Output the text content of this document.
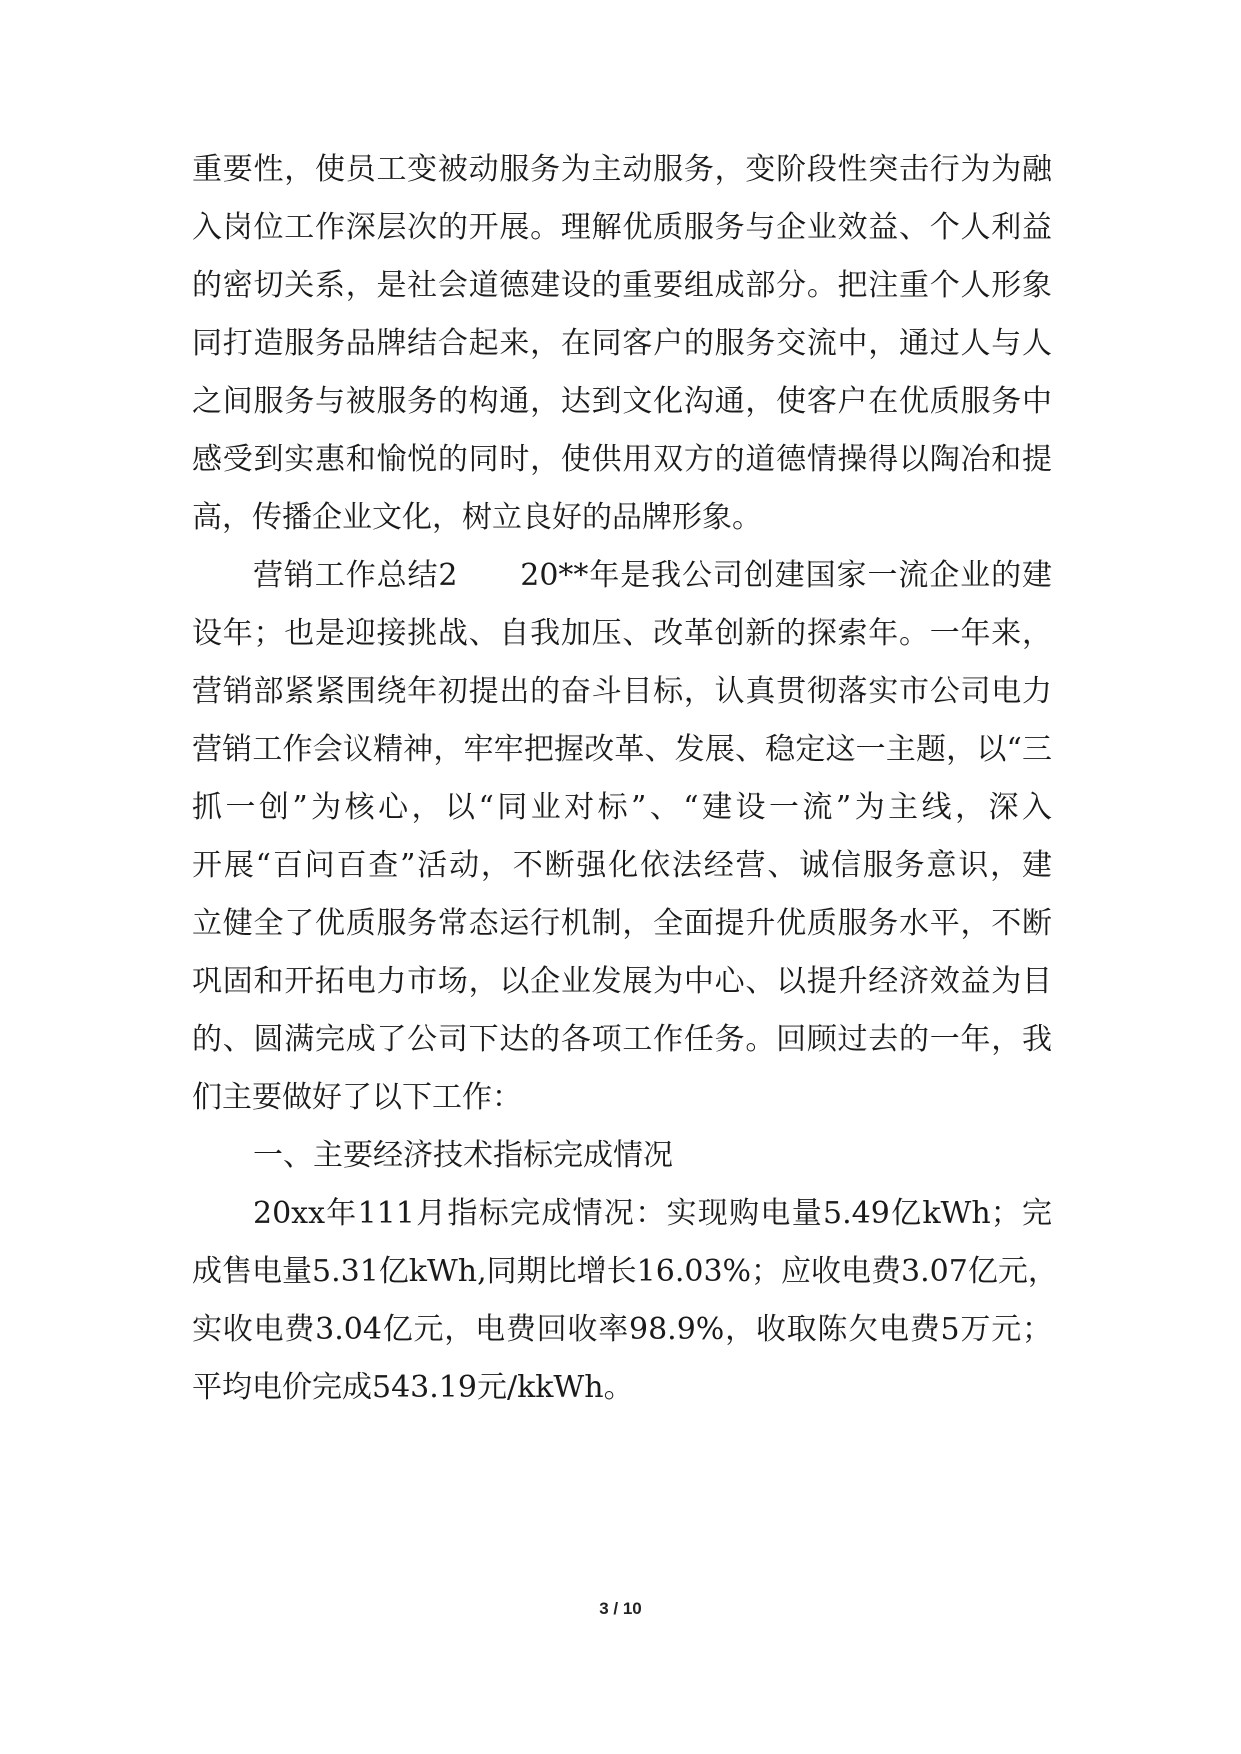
重要性，使员工变被动服务为主动服务，变阶段性突击行为为融
入岗位工作深层次的开展。理解优质服务与企业效益、个人利益
的密切关系，是社会道德建设的重要组成部分。把注重个人形象
同打造服务品牌结合起来，在同客户的服务交流中，通过人与人
之间服务与被服务的构通，达到文化沟通，使客户在优质服务中
感受到实惠和愉悦的同时，使供用双方的道德情操得以陶冶和提
高，传播企业文化，树立良好的品牌形象。
营销工作总结2　　20**年是我公司创建国家一流企业的建
设年；也是迎接挑战、自我加压、改革创新的探索年。一年来，
营销部紧紧围绕年初提出的奋斗目标，认真贯彻落实市公司电力
营销工作会议精神，牢牢把握改革、发展、稳定这一主题，以“三
抓一创”为核心，以“同业对标”、“建设一流”为主线，深入
开展“百问百查”活动，不断强化依法经营、诚信服务意识，建
立健全了优质服务常态运行机制，全面提升优质服务水平，不断
巩固和开拓电力市场，以企业发展为中心、以提升经济效益为目
的、圆满完成了公司下达的各项工作任务。回顾过去的一年，我
们主要做好了以下工作：
一、主要经济技术指标完成情况
20xx年111月指标完成情况：实现购电量5.49亿kWh；完
成售电量5.31亿kWh,同期比增长16.03%；应收电费3.07亿元，
实收电费3.04亿元，电费回收率98.9%，收取陈欠电费5万元；
平均电价完成543.19元/kkWh。
3 / 10
